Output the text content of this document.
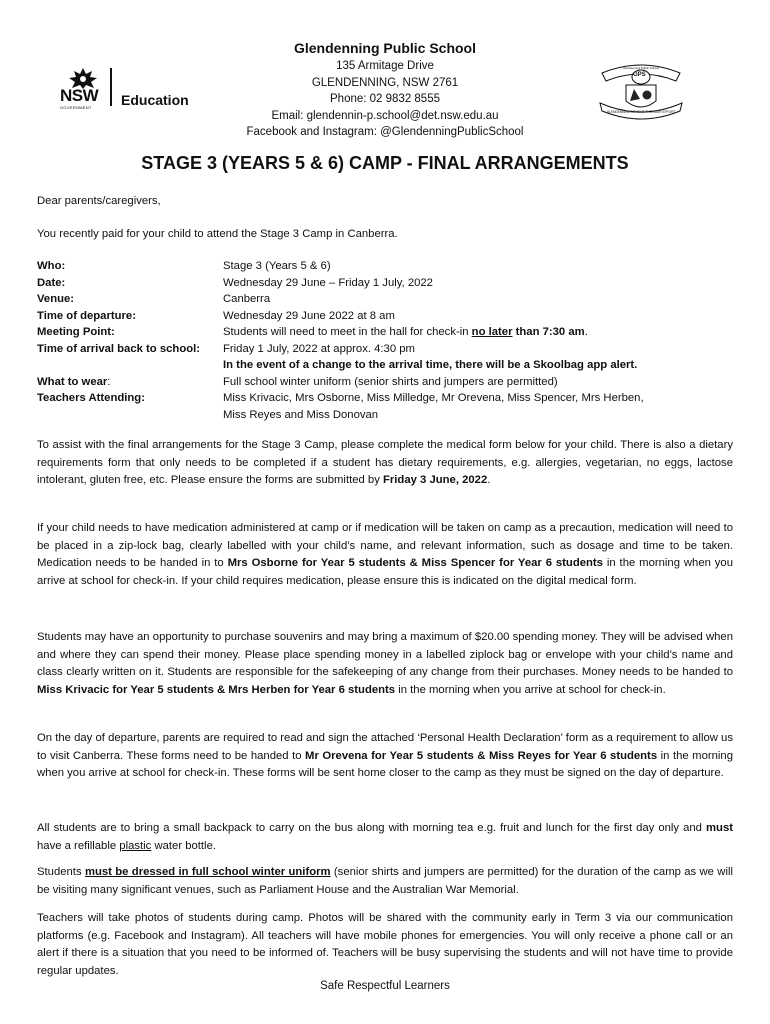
NSW
GOVERNMENT Education
GPS
Glendenning Public School
GLENDENNING ACHIEVE THROUGH EFFORT
Glendenning Public School
135 Armitage Drive
GLENDENNING, NSW 2761
Phone: 02 9832 8555
Email: glendennin-p.school@det.nsw.edu.au
Facebook and Instagram: @GlendenningPublicSchool
STAGE 3 (YEARS 5 & 6) CAMP - FINAL ARRANGEMENTS
Dear parents/caregivers,
You recently paid for your child to attend the Stage 3 Camp in Canberra.
Who:	Stage 3 (Years 5 & 6)
Date:	Wednesday 29 June – Friday 1 July, 2022
Venue:	Canberra
Time of departure:	Wednesday 29 June 2022 at 8 am
Meeting Point:	Students will need to meet in the hall for check-in no later than 7:30 am.
Time of arrival back to school:	Friday 1 July, 2022 at approx. 4:30 pm
In the event of a change to the arrival time, there will be a Skoolbag app alert.
What to wear:	Full school winter uniform (senior shirts and jumpers are permitted)
Teachers Attending:	Miss Krivacic, Mrs Osborne, Miss Milledge, Mr Orevena, Miss Spencer, Mrs Herben,
Miss Reyes and Miss Donovan
To assist with the final arrangements for the Stage 3 Camp, please complete the medical form below for your child. There is also a dietary requirements form that only needs to be completed if a student has dietary requirements, e.g. allergies, vegetarian, no eggs, lactose intolerant, gluten free, etc. Please ensure the forms are submitted by Friday 3 June, 2022.
If your child needs to have medication administered at camp or if medication will be taken on camp as a precaution, medication will need to be placed in a zip-lock bag, clearly labelled with your child’s name, and relevant information, such as dosage and time to be taken. Medication needs to be handed in to Mrs Osborne for Year 5 students & Miss Spencer for Year 6 students in the morning when you arrive at school for check-in. If your child requires medication, please ensure this is indicated on the digital medical form.
Students may have an opportunity to purchase souvenirs and may bring a maximum of $20.00 spending money. They will be advised when and where they can spend their money. Please place spending money in a labelled ziplock bag or envelope with your child’s name and class clearly written on it. Students are responsible for the safekeeping of any change from their purchases. Money needs to be handed to Miss Krivacic for Year 5 students & Mrs Herben for Year 6 students in the morning when you arrive at school for check-in.
On the day of departure, parents are required to read and sign the attached ‘Personal Health Declaration’ form as a requirement to allow us to visit Canberra. These forms need to be handed to Mr Orevena for Year 5 students & Miss Reyes for Year 6 students in the morning when you arrive at school for check-in. These forms will be sent home closer to the camp as they must be signed on the day of departure.
All students are to bring a small backpack to carry on the bus along with morning tea e.g. fruit and lunch for the first day only and must have a refillable plastic water bottle.
Students must be dressed in full school winter uniform (senior shirts and jumpers are permitted) for the duration of the camp as we will be visiting many significant venues, such as Parliament House and the Australian War Memorial.
Teachers will take photos of students during camp. Photos will be shared with the community early in Term 3 via our communication platforms (e.g. Facebook and Instagram). All teachers will have mobile phones for emergencies. You will only receive a phone call or an alert if there is a situation that you need to be informed of. Teachers will be busy supervising the students and will not have time to provide regular updates.
Safe Respectful Learners
